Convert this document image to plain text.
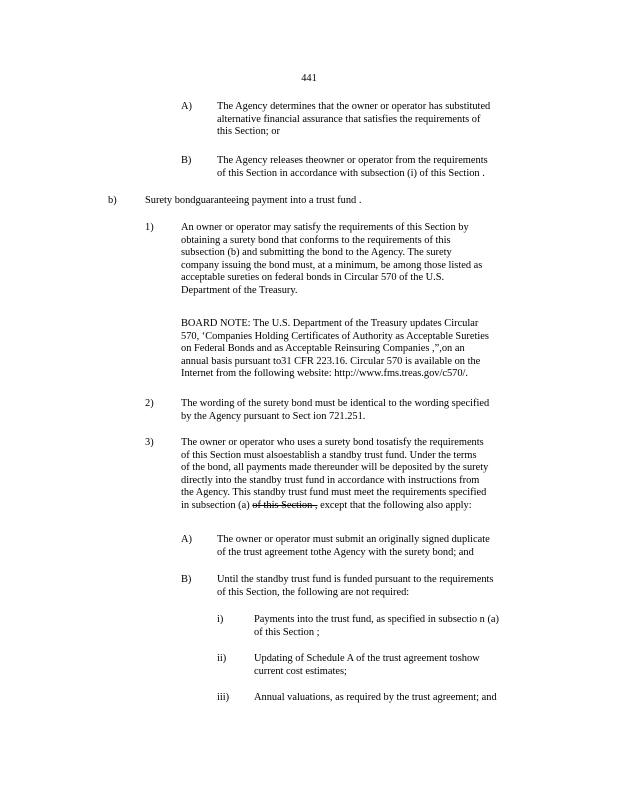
441
A) The Agency determines that the owner or operator has substituted
alternative financial assurance that satisfies the requirements of
this Section; or
B) The Agency releases theowner or operator from the requirements
of this Section in accordance with subsection (i) of this Section .
b)	Surety bondguaranteeing payment into a trust fund .
1)	An owner or operator may satisfy the requirements of this Section by
obtaining a surety bond that conforms to the requirements of this
subsection (b) and submitting the bond to the Agency. The surety
company issuing the bond must, at a minimum, be among those listed as
acceptable sureties on federal bonds in Circular 570 of the U.S.
Department of the Treasury.
BOARD NOTE: The U.S. Department of the Treasury updates Circular
570, ‘Companies Holding Certificates of Authority as Acceptable Sureties
on Federal Bonds and as Acceptable Reinsuring Companies ,”,on an
annual basis pursuant to31 CFR 223.16. Circular 570 is available on the
Internet from the following website: http://www.fms.treas.gov/c570/.
2)	The wording of the surety bond must be identical to the wording specified
by the Agency pursuant to Sect ion 721.251.
3)	The owner or operator who uses a surety bond tosatisfy the requirements
of this Section must alsoestablish a standby trust fund. Under the terms
of the bond, all payments made thereunder will be deposited by the surety
directly into the standby trust fund in accordance with instructions from
the Agency. This standby trust fund must meet the requirements specified
in subsection (a) of this Section , except that the following also apply:
A) The owner or operator must submit an originally signed duplicate
of the trust agreement tothe Agency with the surety bond; and
B) Until the standby trust fund is funded pursuant to the requirements
of this Section, the following are not required:
i)	Payments into the trust fund, as specified in subsectio n (a)
of this Section ;
ii)	Updating of Schedule A of the trust agreement toshow
current cost estimates;
iii) Annual valuations, as required by the trust agreement; and
